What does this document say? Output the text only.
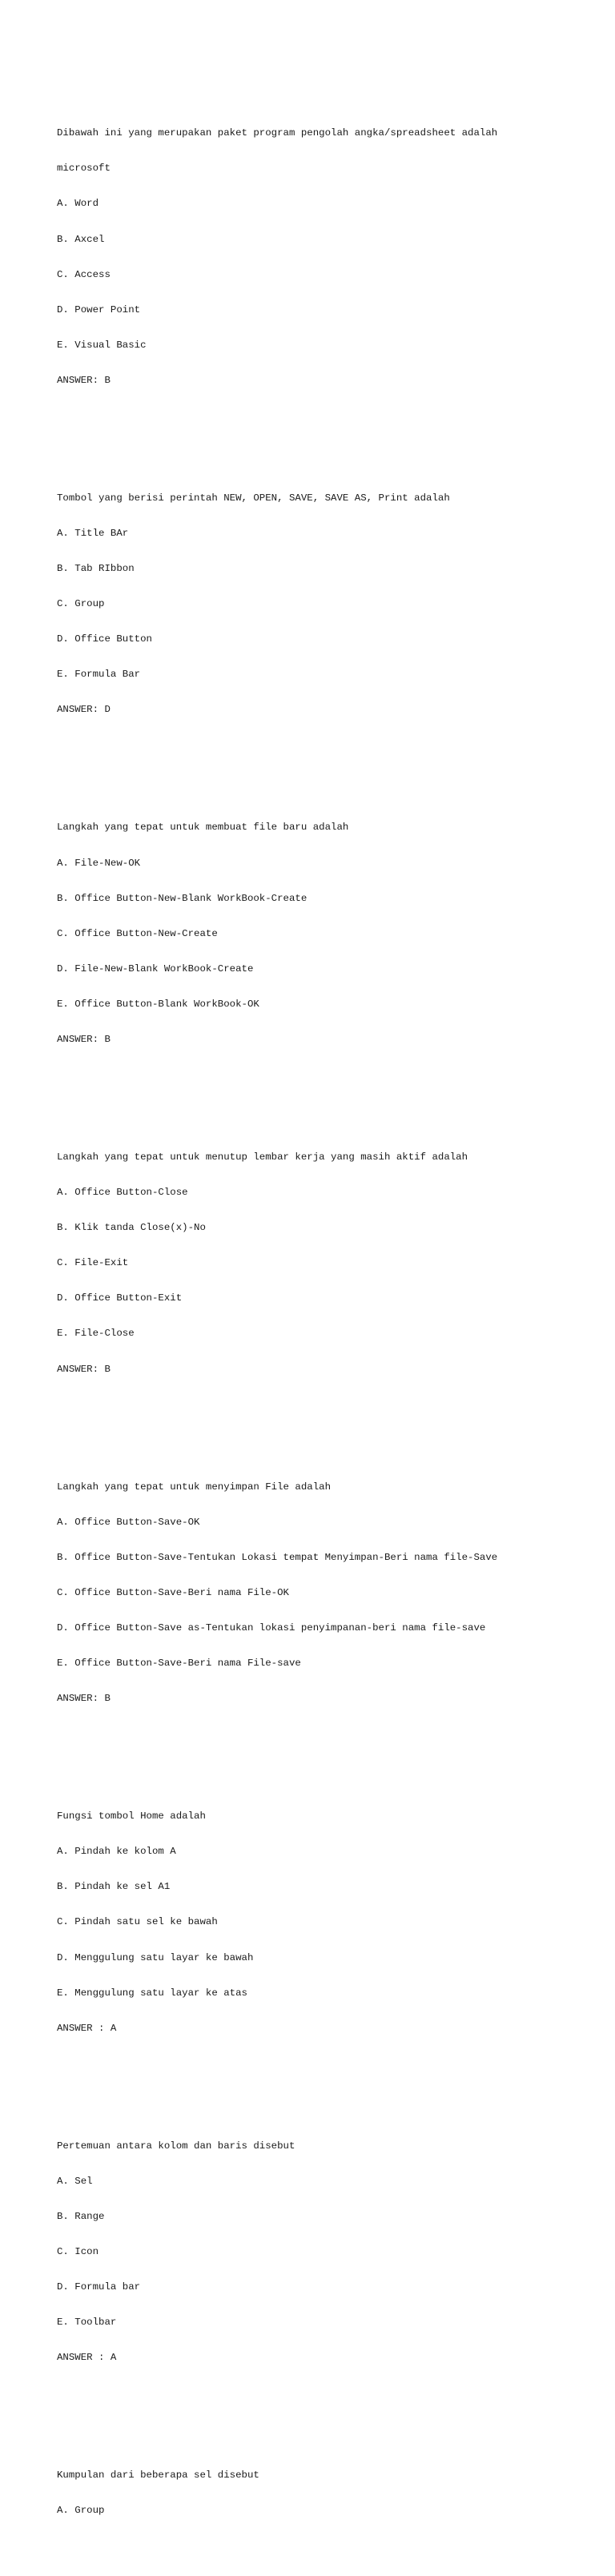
Dibawah ini yang merupakan paket program pengolah angka/spreadsheet adalah

microsoft

A. Word

B. Axcel

C. Access

D. Power Point

E. Visual Basic

ANSWER: B

Tombol yang berisi perintah NEW, OPEN, SAVE, SAVE AS, Print adalah

A. Title BAr

B. Tab RIbbon

C. Group

D. Office Button

E. Formula Bar

ANSWER: D

Langkah yang tepat untuk membuat file baru adalah

A. File-New-OK

B. Office Button-New-Blank WorkBook-Create

C. Office Button-New-Create

D. File-New-Blank WorkBook-Create

E. Office Button-Blank WorkBook-OK

ANSWER: B

Langkah yang tepat untuk menutup lembar kerja yang masih aktif adalah

A. Office Button-Close

B. Klik tanda Close(x)-No

C. File-Exit

D. Office Button-Exit

E. File-Close

ANSWER: B

Langkah yang tepat untuk menyimpan File adalah

A. Office Button-Save-OK

B. Office Button-Save-Tentukan Lokasi tempat Menyimpan-Beri nama file-Save

C. Office Button-Save-Beri nama File-OK

D. Office Button-Save as-Tentukan lokasi penyimpanan-beri nama file-save

E. Office Button-Save-Beri nama File-save

ANSWER: B

Fungsi tombol Home adalah

A. Pindah ke kolom A

B. Pindah ke sel A1

C. Pindah satu sel ke bawah

D. Menggulung satu layar ke bawah

E. Menggulung satu layar ke atas

ANSWER : A

Pertemuan antara kolom dan baris disebut

A. Sel

B. Range

C. Icon

D. Formula bar

E. Toolbar

ANSWER : A

Kumpulan dari beberapa sel disebut

A. Group
